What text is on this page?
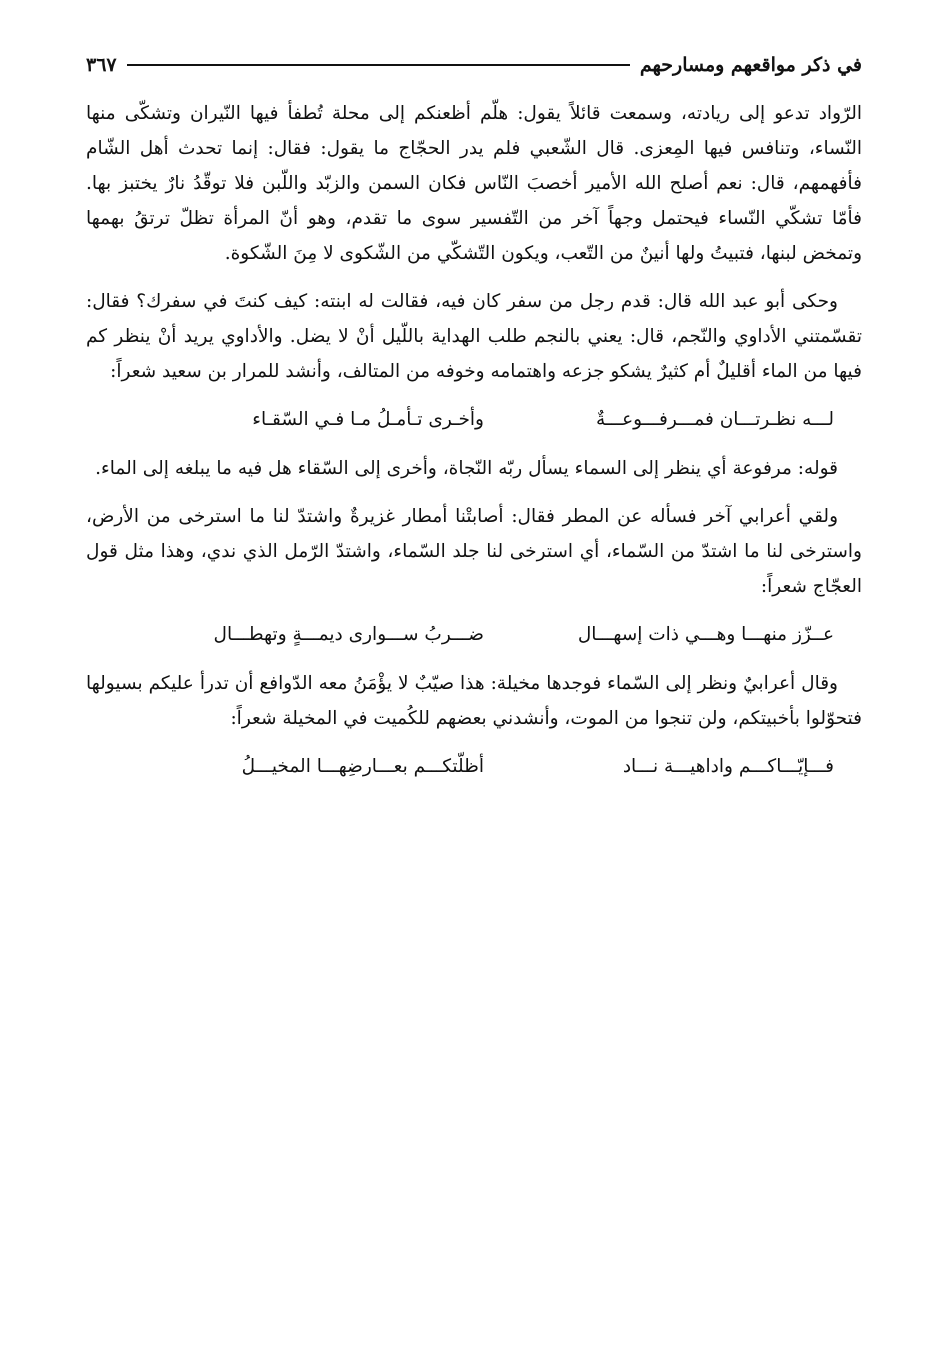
في ذكر مواقعهم ومسارحهم
٣٦٧

الرّواد تدعو إلى ريادته، وسمعت قائلاً يقول: هلّم أظعنكم إلى محلة تُطفأ فيها النّيران وتشكّى منها النّساء، وتنافس فيها المِعزى. قال الشّعبي فلم يدر الحجّاج ما يقول: فقال: إنما تحدث أهل الشّام فأفهمهم، قال: نعم أصلح الله الأمير أخصبَ النّاس فكان السمن والزبّد واللّبن فلا توقّدُ نارٌ يختبز بها. فأمّا تشكّي النّساء فيحتمل وجهاً آخر من التّفسير سوى ما تقدم، وهو أنّ المرأة تظلّ ترتقُ بهمها وتمخض لبنها، فتبيتُ ولها أنينٌ من التّعب، ويكون التّشكّي من الشّكوى لا مِنَ الشّكوة.

وحكى أبو عبد الله قال: قدم رجل من سفر كان فيه، فقالت له ابنته: كيف كنتَ في سفرك؟ فقال: تقسّمتني الأداوي والنّجم، قال: يعني بالنجم طلب الهداية باللّيل أنْ لا يضل. والأداوي يريد أنْ ينظر كم فيها من الماء أقليلٌ أم كثيرٌ يشكو جزعه واهتمامه وخوفه من المتالف، وأنشد للمرار بن سعيد شعراً:

لـــه نظـرتـــان فمـــرفـــوعـــةٌ
وأخـرى تـأمـلُ مـا فـي السّقـاء

قوله: مرفوعة أي ينظر إلى السماء يسأل ربّه النّجاة، وأخرى إلى السّقاء هل فيه ما يبلغه إلى الماء.

ولقي أعرابي آخر فسأله عن المطر فقال: أصابتْنا أمطار غزيرةٌ واشتدّ لنا ما استرخى من الأرض، واسترخى لنا ما اشتدّ من السّماء، أي استرخى لنا جلد السّماء، واشتدّ الرّمل الذي ندي، وهذا مثل قول العجّاج شعراً:

عــزّز منهـــا وهـــي ذات إسهـــال
ضـــربُ ســـوارى ديمـــةٍ وتهطـــال

وقال أعرابيٌ ونظر إلى السّماء فوجدها مخيلة: هذا صيّبٌ لا يؤْمَنُ معه الدّوافع أن تدرأ عليكم بسيولها فتحوّلوا بأخبيتكم، ولن تنجوا من الموت، وأنشدني بعضهم للكُميت في المخيلة شعراً:

فـــإيّـــاكـــم واداهيـــة نـــاد
أظلّتكـــم بعـــارضِهـــا المخيـــلُ
